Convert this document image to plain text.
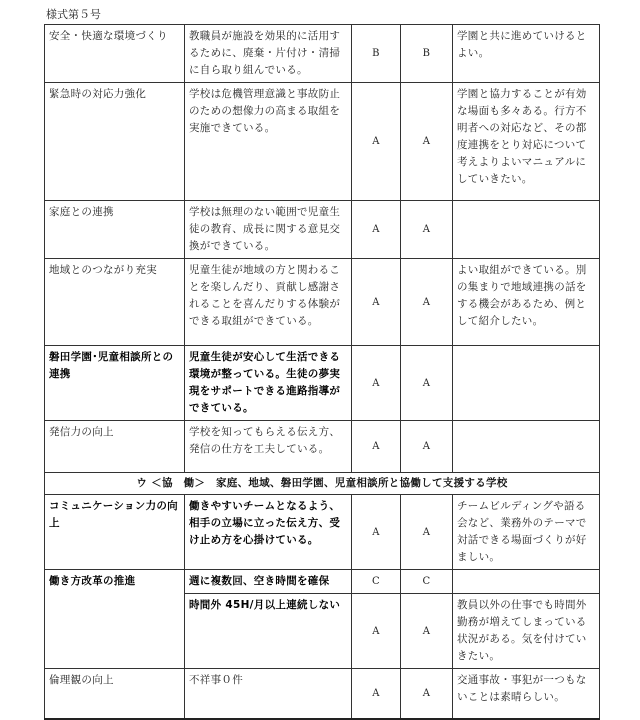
様式第５号
安全・快適な環境づくり	教職員が施設を効果的に活用するために、廃棄・片付け・清掃に自ら取り組んでいる。	B	B	学園と共に進めていけるとよい。
緊急時の対応力強化	学校は危機管理意識と事故防止のための想像力の高まる取組を実施できている。	A	A	学園と協力することが有効な場面も多々ある。行方不明者への対応など、その都度連携をとり対応について考えよりよいマニュアルにしていきたい。
家庭との連携	学校は無理のない範囲で児童生徒の教育、成長に関する意見交換ができている。	A	A	
地域とのつながり充実	児童生徒が地域の方と関わることを楽しんだり、貢献し感謝されることを喜んだりする体験ができる取組ができている。	A	A	よい取組ができている。別の集まりで地域連携の話をする機会があるため、例として紹介したい。
磐田学園･児童相談所との連携	児童生徒が安心して生活できる環境が整っている。生徒の夢実現をサポートできる進路指導ができている。	A	A	
発信力の向上	学校を知ってもらえる伝え方、発信の仕方を工夫している。	A	A	
ウ ＜協　働＞　家庭、地域、磐田学園、児童相談所と協働して支援する学校				
コミュニケーション力の向上	働きやすいチームとなるよう、相手の立場に立った伝え方、受け止め方を心掛けている。	A	A	チームビルディングや語る会など、業務外のテーマで対話できる場面づくりが好ましい。
働き方改革の推進	週に複数回、空き時間を確保	C	C	
	時間外 45H/月以上連続しない	A	A	教員以外の仕事でも時間外勤務が増えてしまっている状況がある。気を付けていきたい。
倫理観の向上	不祥事０件	A	A	交通事故・事犯が一つもないことは素晴らしい。
